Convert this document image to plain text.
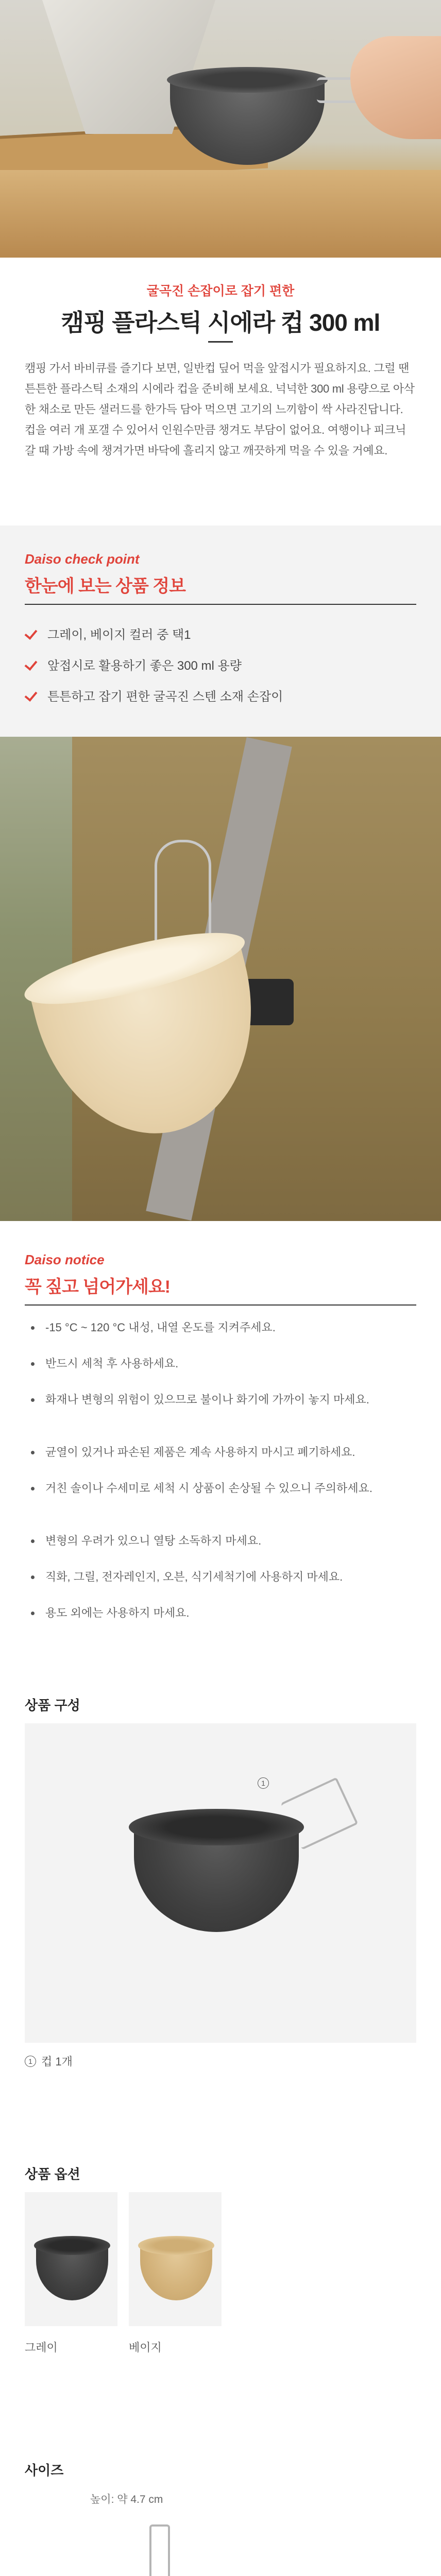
굴곡진 손잡이로 잡기 편한
캠핑 플라스틱 시에라 컵 300 ml

캠핑 가서 바비큐를 즐기다 보면, 일반컵 딮어 먹을 앞접시가 필요하지요. 그럴 땐 튼튼한 플라스틱 소재의 시에라 컵을 준비해 보세요. 넉넉한 300 ml 용량으로 아삭한 채소로 만든 샐러드를 한가득 담아 먹으면 고기의 느끼함이 싹 사라진답니다. 컵을 여러 개 포갤 수 있어서 인원수만큼 챙겨도 부담이 없어요. 여행이나 피크닉 갈 때 가방 속에 챙겨가면 바닥에 흘리지 않고 깨끗하게 먹을 수 있을 거예요.

Daiso check point
한눈에 보는 상품 정보
그레이, 베이지 컬러 중 택1
앞접시로 활용하기 좋은 300 ml 용량
튼튼하고 잡기 편한 굴곡진 스텐 소재 손잡이
Daiso notice
꼭 짚고 넘어가세요!
-15 °C ~ 120 °C 내성, 내열 온도를 지켜주세요.
반드시 세척 후 사용하세요.
화재나 변형의 위험이 있으므로 불이나 화기에 가까이 놓지 마세요.
균열이 있거나 파손된 제품은 계속 사용하지 마시고 폐기하세요.
거친 솔이나 수세미로 세척 시 상품이 손상될 수 있으니 주의하세요.
변형의 우려가 있으니 열탕 소독하지 마세요.
직화, 그릴, 전자레인지, 오븐, 식기세척기에 사용하지 마세요.
용도 외에는 사용하지 마세요.
상품 구성
1
1 컵 1개
상품 옵션
그레이	베이지
사이즈
높이: 약 4.7 cm
